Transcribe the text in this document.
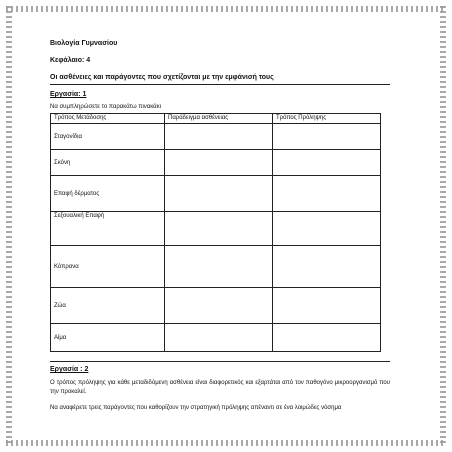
Βιολογία Γυμνασίου

Κεφάλαιο: 4

Οι ασθένειες και παράγοντες που σχετίζονται με την εμφάνισή τους

Εργασία: 1
Να συμπληρώσετε το παρακάτω πινακάκι
Τρόπος Μετάδοσης	Παράδειγμα ασθένειας	Τρόπος Πρόληψης
Σταγονίδια		
Σκόνη		
Επαφή δέρματος		
Σεξουαλική Επαφή		
Κόπρανα		
Ζώα		
Αίμα		
Εργασία : 2
Ο τρόπος πρόληψης για κάθε μεταδιδόμενη ασθένεια είναι διαφορετικός και εξαρτάται από τον παθογόνο μικροοργανισμό που την προκαλεί.
Να αναφέρετε τρεις παράγοντες που καθορίζουν την στρατηγική πρόληψης απέναντι σε ένα λοιμώδες νόσημα
